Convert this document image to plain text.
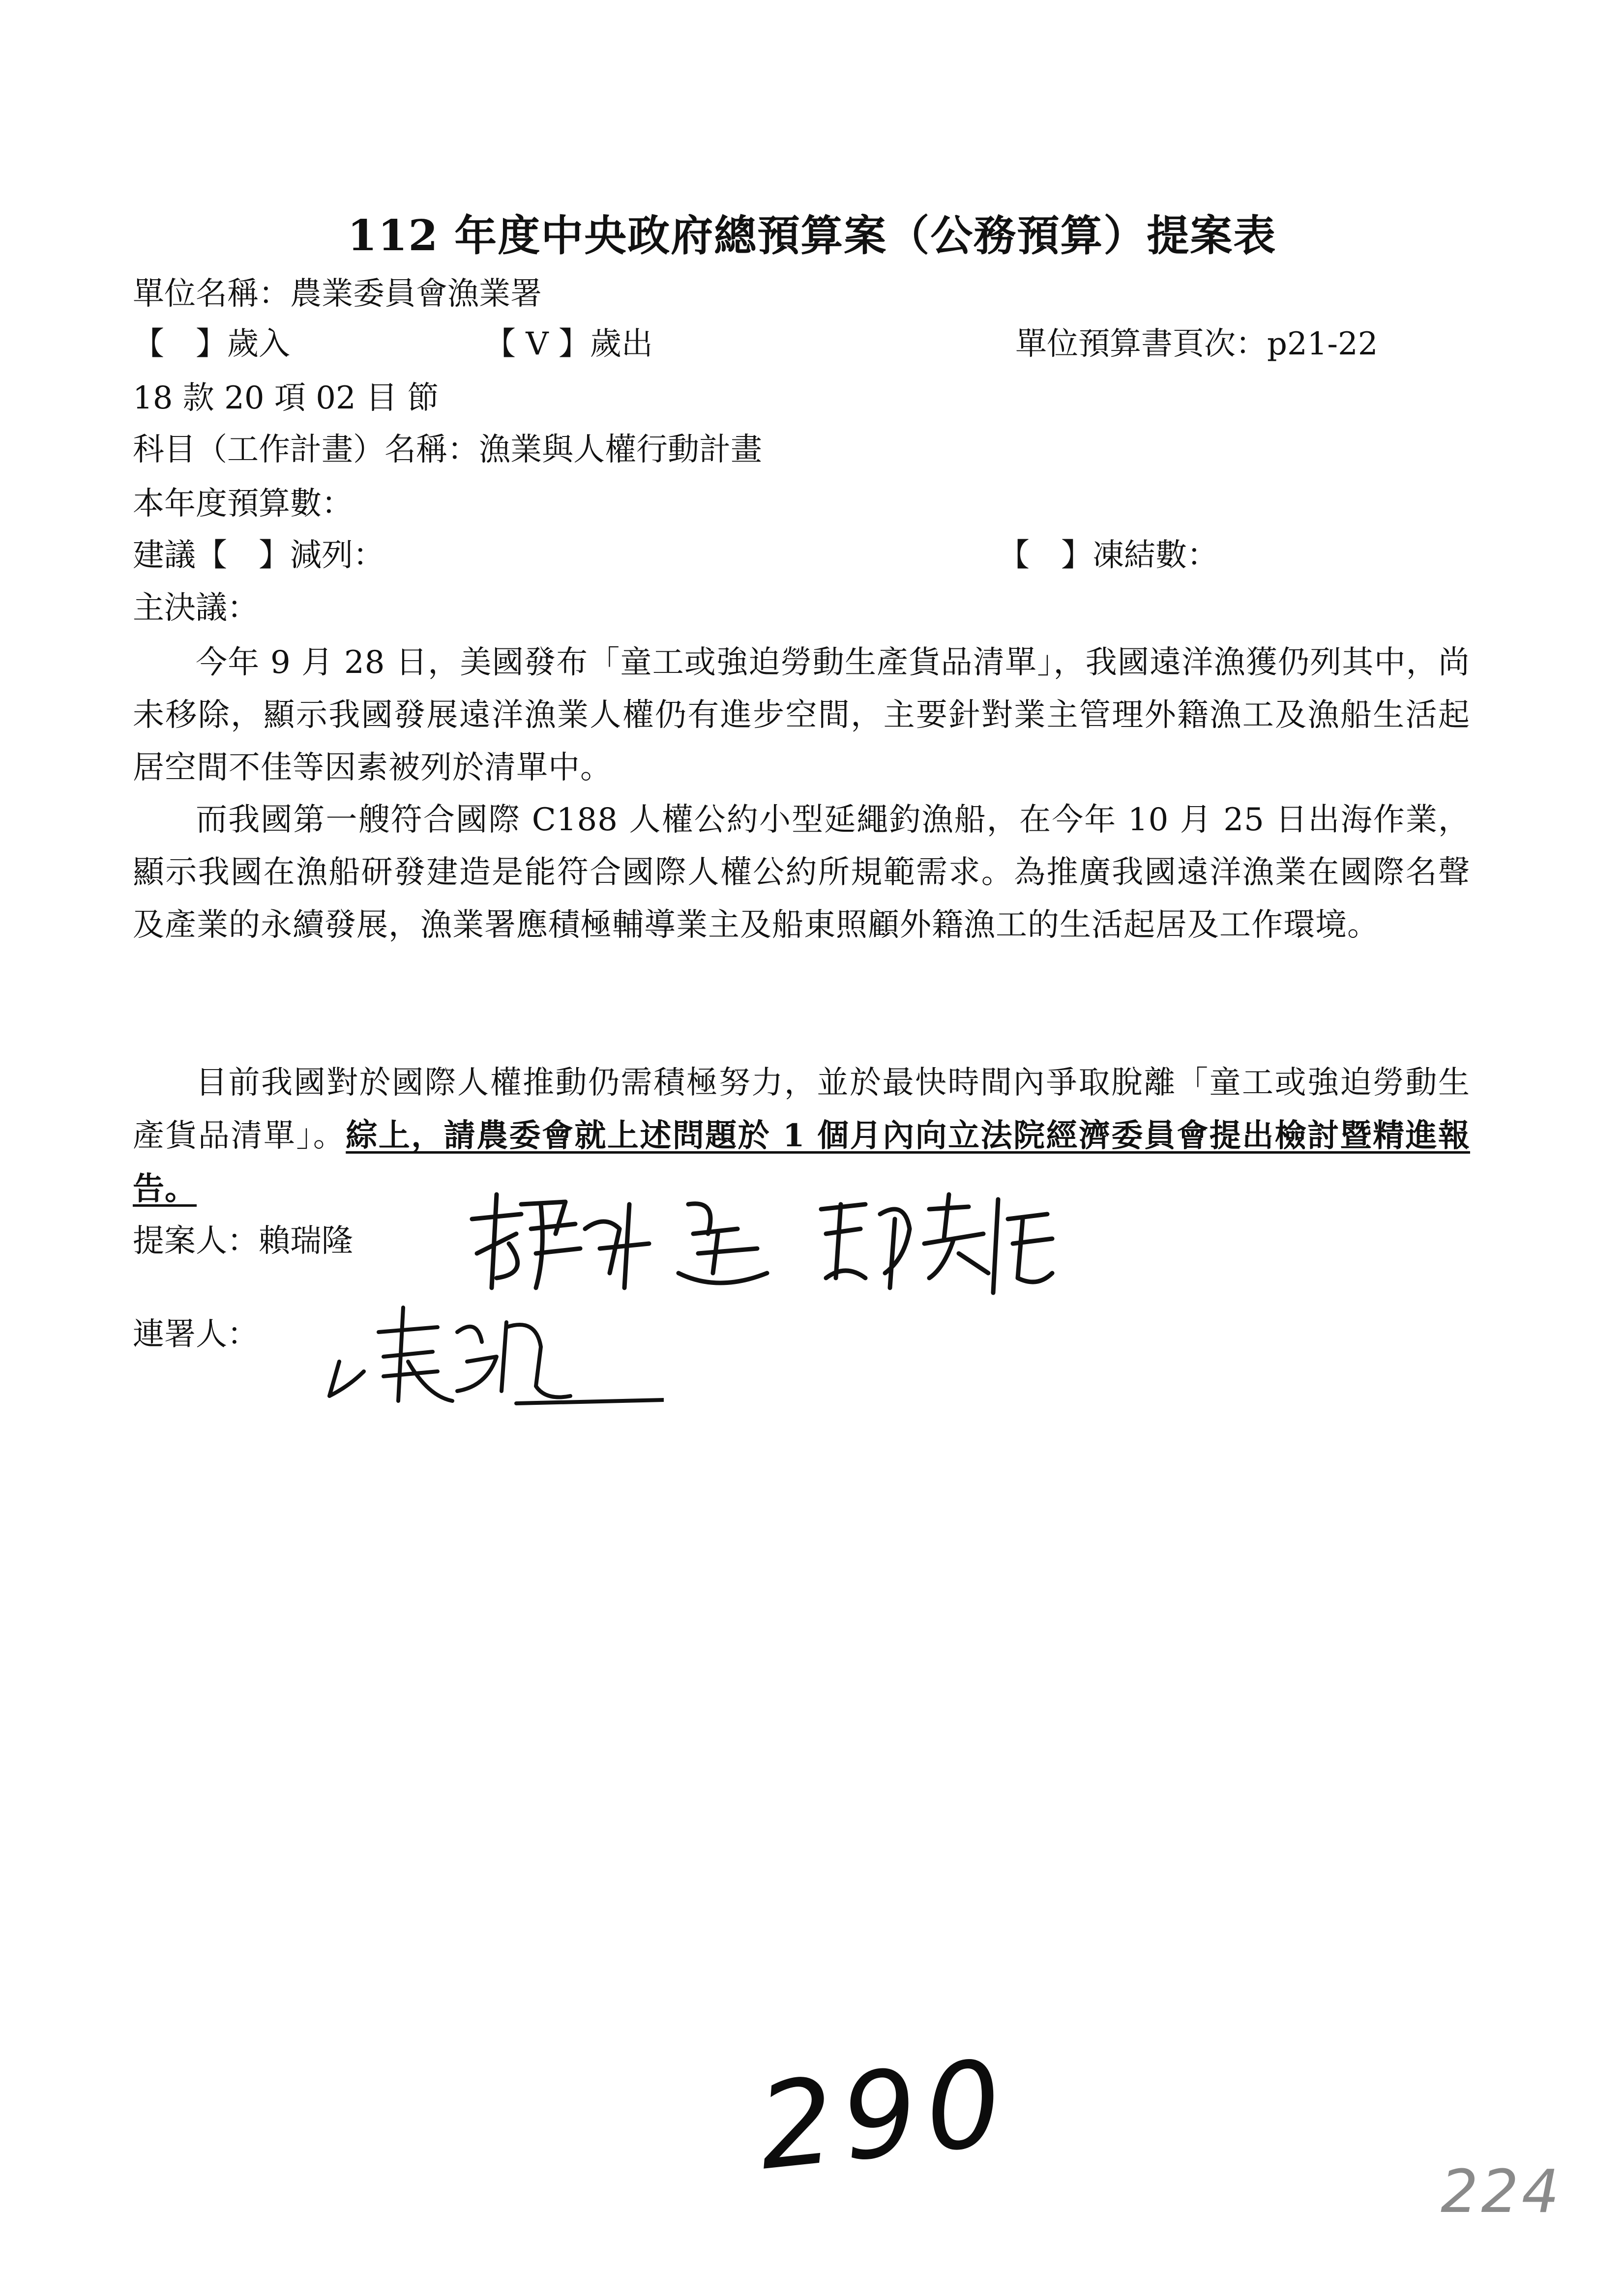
112 年度中央政府總預算案（公務預算）提案表
單位名稱：農業委員會漁業署
【　】歲入	【 V 】歲出	單位預算書頁次：p21-22
18 款 20 項 02 目 節
科目（工作計畫）名稱：漁業與人權行動計畫
本年度預算數：
建議【　】減列：	【　】凍結數：
主決議：
今年 9 月 28 日，美國發布「童工或強迫勞動生產貨品清單」，我國遠洋漁獲仍列其中，尚未移除，顯示我國發展遠洋漁業人權仍有進步空間，主要針對業主管理外籍漁工及漁船生活起居空間不佳等因素被列於清單中。
而我國第一艘符合國際 C188 人權公約小型延繩釣漁船，在今年 10 月 25 日出海作業，顯示我國在漁船研發建造是能符合國際人權公約所規範需求。為推廣我國遠洋漁業在國際名聲及產業的永續發展，漁業署應積極輔導業主及船東照顧外籍漁工的生活起居及工作環境。
目前我國對於國際人權推動仍需積極努力，並於最快時間內爭取脫離「童工或強迫勞動生產貨品清單」。綜上，請農委會就上述問題於 1 個月內向立法院經濟委員會提出檢討暨精進報告。
提案人：賴瑞隆
連署人：
290	224
